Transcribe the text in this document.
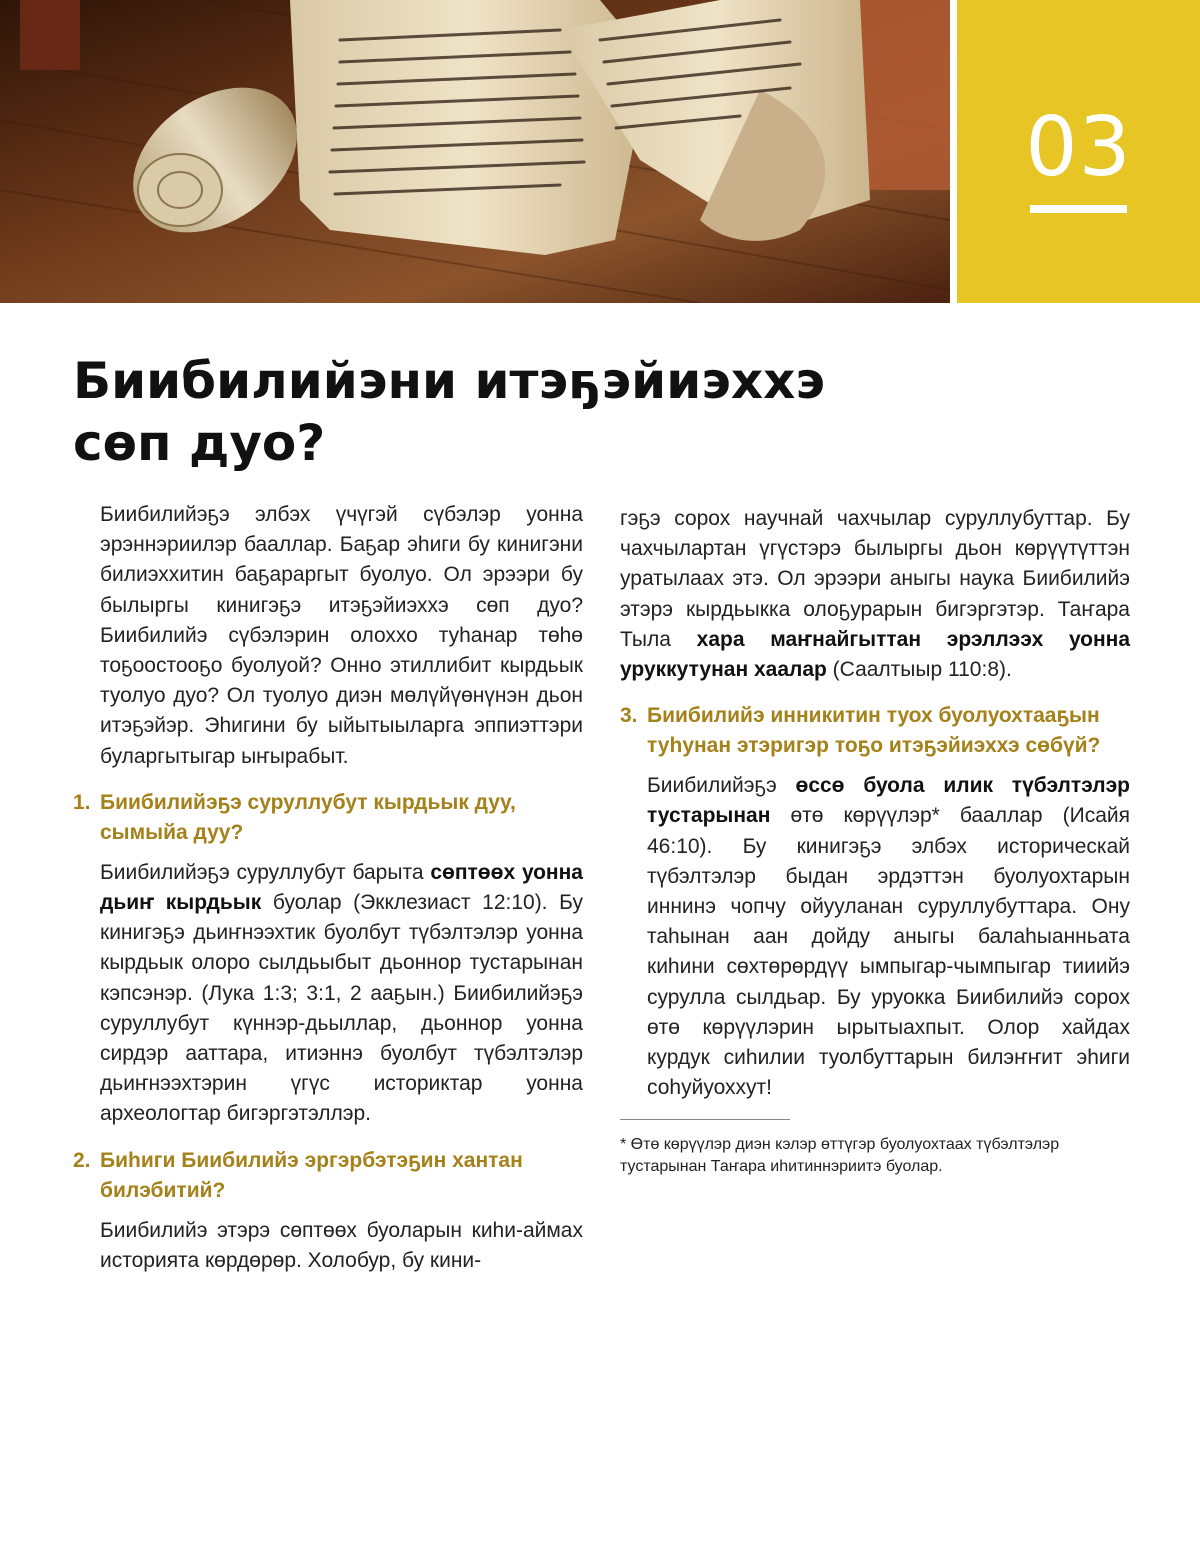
03
Биибилийэни итэҕэйиэххэ
сөп дуо?

Биибилийэҕэ элбэх үчүгэй сүбэлэр уонна эрэннэриилэр бааллар. Баҕар эһиги бу кинигэни билиэххитин баҕараргыт буолуо. Ол эрээри бу былыргы кинигэҕэ итэҕэйиэххэ сөп дуо? Биибилийэ сүбэлэрин олоххо туһанар төһө тоҕоостооҕо буолуой? Онно этиллибит кырдьык туолуо дуо? Ол туолуо диэн мөлүйүөнүнэн дьон итэҕэйэр. Эһигини бу ыйытыыларга эппиэттэри буларгытыгар ыҥырабыт.

1. Биибилийэҕэ суруллубут кырдьык дуу, сымыйа дуу?

Биибилийэҕэ суруллубут барыта сөптөөх уонна дьиҥ кырдьык буолар (Экклезиаст 12:10). Бу кинигэҕэ дьиҥнээхтик буолбут түбэлтэлэр уонна кырдьык олоро сылдьыбыт дьоннор тустарынан кэпсэнэр. (Лука 1:3; 3:1, 2 ааҕын.) Биибилийэҕэ суруллубут күннэр-дьыллар, дьоннор уонна сирдэр ааттара, итиэннэ буолбут түбэлтэлэр дьиҥнээхтэрин үгүс историктар уонна археологтар бигэргэтэллэр.

2. Биһиги Биибилийэ эргэрбэтэҕин хантан билэбитий?

Биибилийэ этэрэ сөптөөх буоларын киһи-аймах историята көрдөрөр. Холобур, бу кини-

гэҕэ сорох научнай чахчылар суруллубуттар. Бу чахчылартан үгүстэрэ былыргы дьон көрүүтүттэн уратылаах этэ. Ол эрээри аныгы наука Биибилийэ этэрэ кырдьыкка олоҕурарын бигэргэтэр. Таҥара Тыла хара маҥнайгыттан эрэллээх уонна уруккутунан хаалар (Саалтыыр 110:8).

3. Биибилийэ инникитин туох буолуохтааҕын туһунан этэригэр тоҕо итэҕэйиэххэ сөбүй?

Биибилийэҕэ өссө буола илик түбэлтэлэр тустарынан өтө көрүүлэр* бааллар (Исайя 46:10). Бу кинигэҕэ элбэх историческай түбэлтэлэр быдан эрдэттэн буолуохтарын иннинэ чопчу ойууланан суруллубуттара. Ону таһынан аан дойду аныгы балаһыанньата киһини сөхтөрөрдүү ымпыгар-чымпыгар тииийэ сурулла сылдьар. Бу уруокка Биибилийэ сорох өтө көрүүлэрин ырытыахпыт. Олор хайдах курдук сиһилии туолбуттарын билэҥҥит эһиги соһуйуоххут!

* Өтө көрүүлэр диэн кэлэр өттүгэр буолуохтаах түбэлтэлэр тустарынан Таҥара иһитиннэриитэ буолар.
